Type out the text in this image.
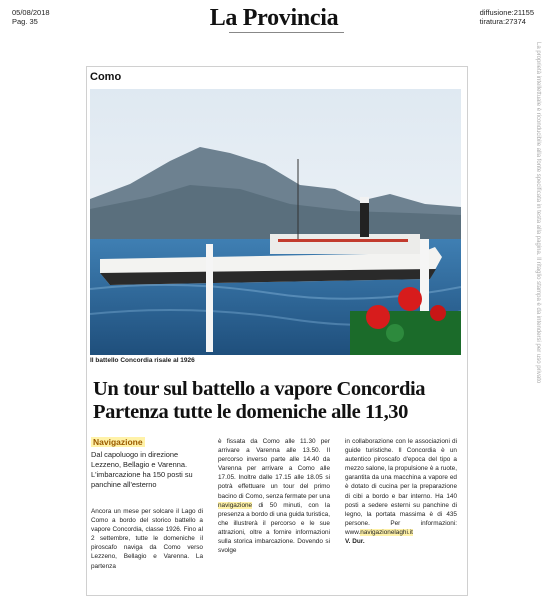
05/08/2018
Pag. 35	La Provincia	diffusione:21155
tiratura:27374
La proprietà intellettuale è riconducibile alla fonte specificata in testa alla pagina. Il ritaglio stampa è da intendersi per uso privato
Como
Il battello Concordia risale al 1926
Un tour sul battello a vapore Concordia
Partenza tutte le domeniche alle 11,30
Navigazione
Dal capoluogo in direzione Lezzeno, Bellagio e Varenna. L'imbarcazione ha 150 posti su panchine all'esterno

Ancora un mese per solcare il Lago di Como a bordo del storico battello a vapore Concordia, classe 1926. Fino al 2 settembre, tutte le domeniche il piroscafo naviga da Como verso Lezzeno, Bellagio e Varenna. La partenza

è fissata da Como alle 11.30 per arrivare a Varenna alle 13.50. Il percorso inverso parte alle 14.40 da Varenna per arrivare a Como alle 17.05. Inoltre dalle 17.15 alle 18.05 si potrà effettuare un tour del primo bacino di Como, senza fermate per una navigazione di 50 minuti, con la presenza a bordo di una guida turistica, che illustrerà il percorso e le sue attrazioni, oltre a fornire informazioni sulla storica imbarcazione. Dovendo si svolge

in collaborazione con le associazioni di guide turistiche. Il Concordia è un autentico piroscafo d'epoca del tipo a mezzo salone, la propulsione è a ruote, garantita da una macchina a vapore ed è dotato di cucina per la preparazione di cibi a bordo e bar interno. Ha 140 posti a sedere esterni su panchine di legno, la portata massima è di 435 persone. Per informazioni: www.navigazionelaghi.it

V. Dur.
